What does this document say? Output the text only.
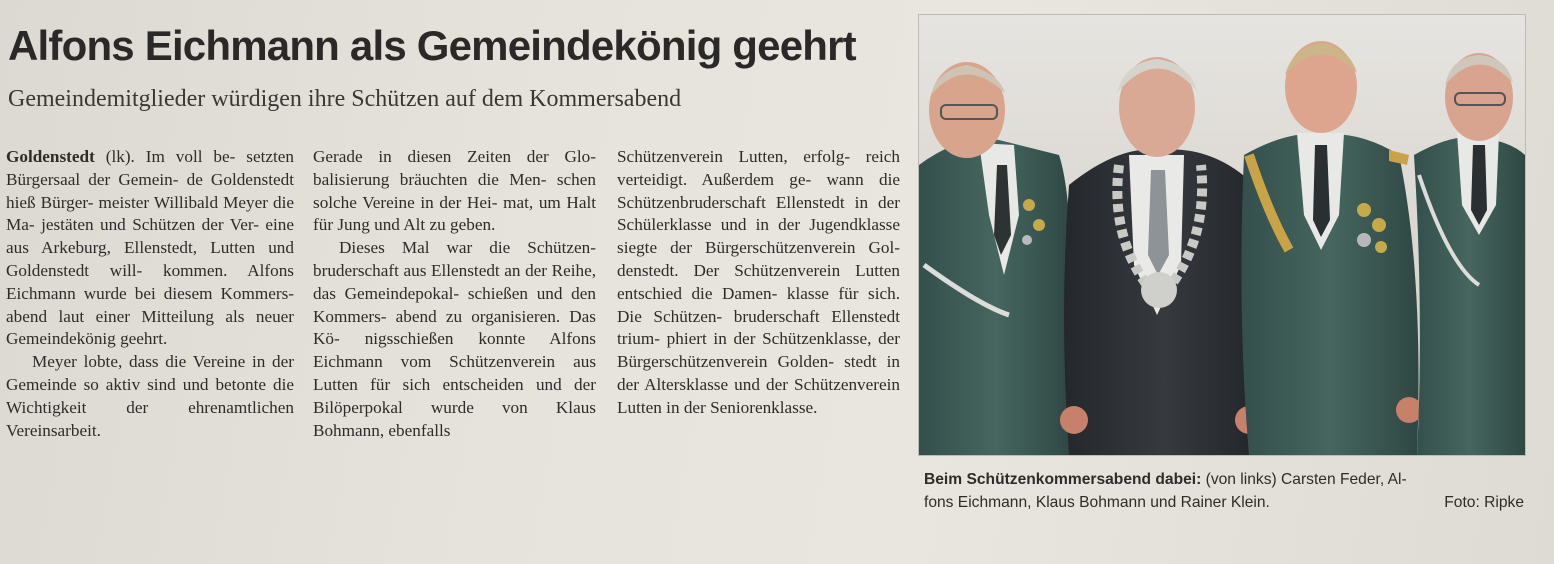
Alfons Eichmann als Gemeindekönig geehrt
Gemeindemitglieder würdigen ihre Schützen auf dem Kommersabend

Goldenstedt (lk). Im voll be- setzten Bürgersaal der Gemein- de Goldenstedt hieß Bürger- meister Willibald Meyer die Ma- jestäten und Schützen der Ver- eine aus Arkeburg, Ellenstedt, Lutten und Goldenstedt will- kommen. Alfons Eichmann wurde bei diesem Kommers- abend laut einer Mitteilung als neuer Gemeindekönig geehrt.

Meyer lobte, dass die Vereine in der Gemeinde so aktiv sind und betonte die Wichtigkeit der ehrenamtlichen Vereinsarbeit.

Gerade in diesen Zeiten der Glo- balisierung bräuchten die Men- schen solche Vereine in der Hei- mat, um Halt für Jung und Alt zu geben.

Dieses Mal war die Schützen- bruderschaft aus Ellenstedt an der Reihe, das Gemeindepokal- schießen und den Kommers- abend zu organisieren. Das Kö- nigsschießen konnte Alfons Eichmann vom Schützenverein aus Lutten für sich entscheiden und der Bilöperpokal wurde von Klaus Bohmann, ebenfalls

Schützenverein Lutten, erfolg- reich verteidigt. Außerdem ge- wann die Schützenbruderschaft Ellenstedt in der Schülerklasse und in der Jugendklasse siegte der Bürgerschützenverein Gol- denstedt. Der Schützenverein Lutten entschied die Damen- klasse für sich. Die Schützen- bruderschaft Ellenstedt trium- phiert in der Schützenklasse, der Bürgerschützenverein Golden- stedt in der Altersklasse und der Schützenverein Lutten in der Seniorenklasse.

Beim Schützenkommersabend dabei: (von links) Carsten Feder, Al-
fons Eichmann, Klaus Bohmann und Rainer Klein.	Foto: Ripke
